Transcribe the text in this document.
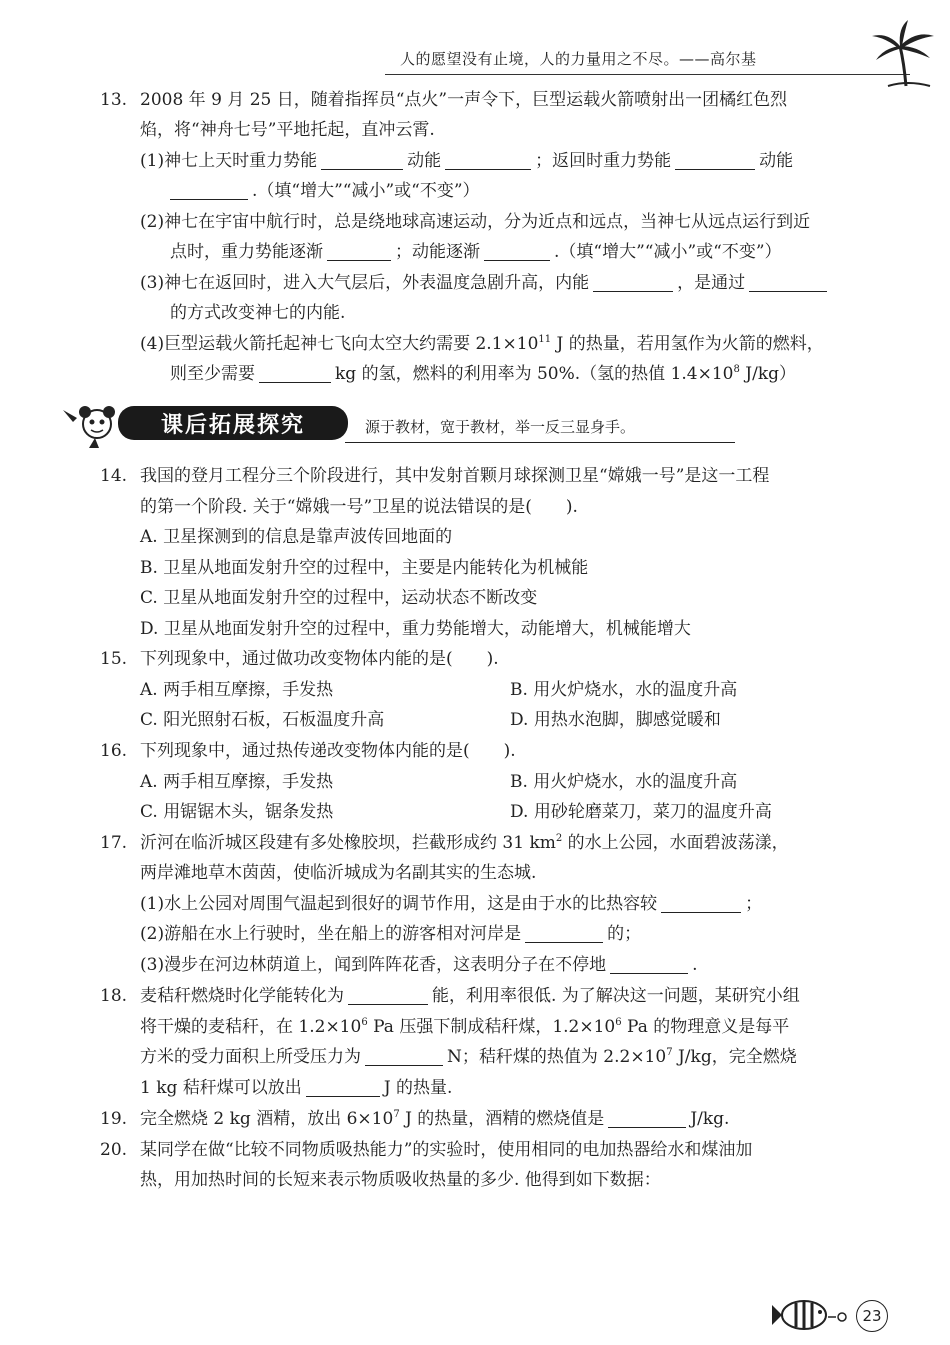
人的愿望没有止境，人的力量用之不尽。——高尔基
13. 2008 年 9 月 25 日，随着指挥员“点火”一声令下，巨型运载火箭喷射出一团橘红色烈
焰，将“神舟七号”平地托起，直冲云霄.
(1)神七上天时重力势能	动能	；返回时重力势能	动能
.（填“增大”“减小”或“不变”）
(2)神七在宇宙中航行时，总是绕地球高速运动，分为近点和远点，当神七从远点运行到近
点时，重力势能逐渐	；动能逐渐	.（填“增大”“减小”或“不变”）
(3)神七在返回时，进入大气层后，外表温度急剧升高，内能	，是通过
的方式改变神七的内能.
(4)巨型运载火箭托起神七飞向太空大约需要 $2.1\times 10^{11}$ J 的热量，若用氢作为火箭的燃料，
则至少需要	kg 的氢，燃料的利用率为 50%.（氢的热值 $1.4\times 10^8$ J/kg）
课后拓展探究	源于教材，宽于教材，举一反三显身手。
14. 我国的登月工程分三个阶段进行，其中发射首颗月球探测卫星“嫦娥一号”是这一工程
的第一个阶段. 关于“嫦娥一号”卫星的说法错误的是(　　).
A. 卫星探测到的信息是靠声波传回地面的
B. 卫星从地面发射升空的过程中，主要是内能转化为机械能
C. 卫星从地面发射升空的过程中，运动状态不断改变
D. 卫星从地面发射升空的过程中，重力势能增大，动能增大，机械能增大
15. 下列现象中，通过做功改变物体内能的是(　　).
A. 两手相互摩擦，手发热	B. 用火炉烧水，水的温度升高
C. 阳光照射石板，石板温度升高	D. 用热水泡脚，脚感觉暖和
16. 下列现象中，通过热传递改变物体内能的是(　　).
A. 两手相互摩擦，手发热	B. 用火炉烧水，水的温度升高
C. 用锯锯木头，锯条发热	D. 用砂轮磨菜刀，菜刀的温度升高
17. 沂河在临沂城区段建有多处橡胶坝，拦截形成约 31 $km^2$ 的水上公园，水面碧波荡漾，
两岸滩地草木茵茵，使临沂城成为名副其实的生态城.
(1)水上公园对周围气温起到很好的调节作用，这是由于水的比热容较	；
(2)游船在水上行驶时，坐在船上的游客相对河岸是	的；
(3)漫步在河边林荫道上，闻到阵阵花香，这表明分子在不停地	.
18. 麦秸秆燃烧时化学能转化为	能，利用率很低. 为了解决这一问题，某研究小组
将干燥的麦秸秆，在 $1.2\times 10^6$ Pa 压强下制成秸秆煤，$1.2\times 10^6$ Pa 的物理意义是每平
方米的受力面积上所受压力为	N；秸秆煤的热值为 $2.2\times 10^7$ J/kg，完全燃烧
1 kg 秸秆煤可以放出	J 的热量.
19. 完全燃烧 2 kg 酒精，放出 $6\times 10^7$ J 的热量，酒精的燃烧值是	J/kg.
20. 某同学在做“比较不同物质吸热能力”的实验时，使用相同的电加热器给水和煤油加
热，用加热时间的长短来表示物质吸收热量的多少. 他得到如下数据：
23
